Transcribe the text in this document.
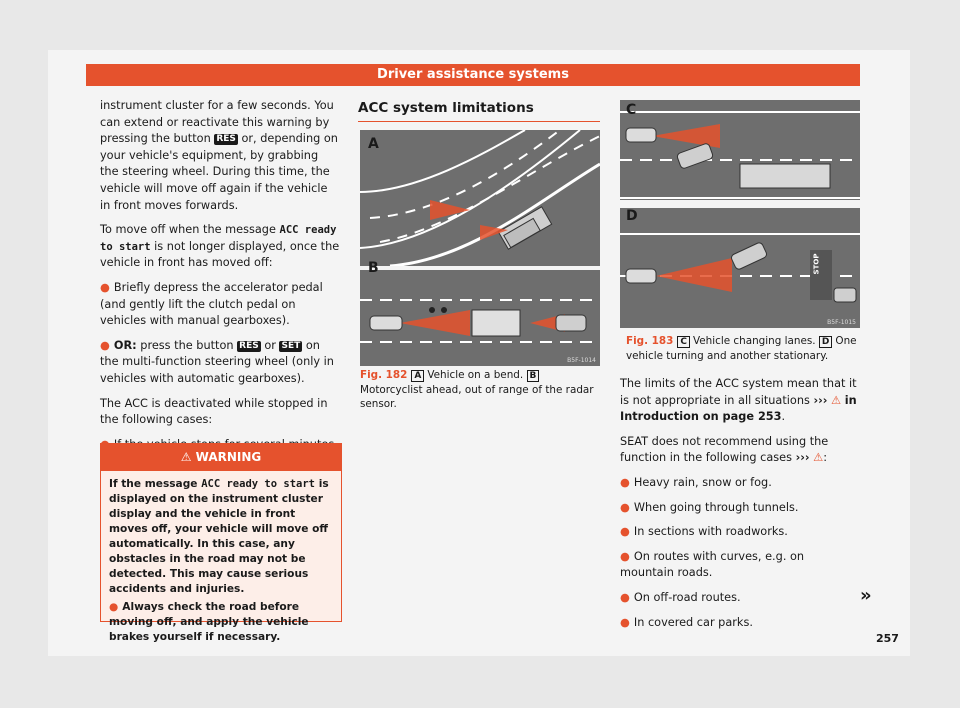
Driver assistance systems

instrument cluster for a few seconds. You can extend or reactivate this warning by pressing the button RES or, depending on your vehicle's equipment, by grabbing the steering wheel. During this time, the vehicle will move off again if the vehicle in front moves forwards.

To move off when the message ACC ready to start is not longer displayed, once the vehicle in front has moved off:

● Briefly depress the accelerator pedal (and gently lift the clutch pedal on vehicles with manual gearboxes).

● OR: press the button RES or SET on the multi-function steering wheel (only in vehicles with automatic gearboxes).

The ACC is deactivated while stopped in the following cases:

⚠ WARNING

If the message ACC ready to start is displayed on the instrument cluster display and the vehicle in front moves off, your vehicle will move off automatically. In this case, any obstacles in the road may not be detected. This may cause serious accidents and injuries.

● Always check the road before moving off, and apply the vehicle brakes yourself if necessary.

ACC system limitations
A
B
B5F-1014
Fig. 182 A Vehicle on a bend. BMotorcyclist ahead, out of range of the radar sensor.
C
D
STOP
B5F-1015
Fig. 183 C Vehicle changing lanes. D One vehicle turning and another stationary.

The limits of the ACC system mean that it is not appropriate in all situations ››› ⚠ in Introduction on page 253.

SEAT does not recommend using the function in the following cases ››› ⚠:

● Heavy rain, snow or fog.

● When going through tunnels.

● In sections with roadworks.

● On routes with curves, e.g. on mountain roads.

● On off-road routes.

● In covered car parks.

»
257
